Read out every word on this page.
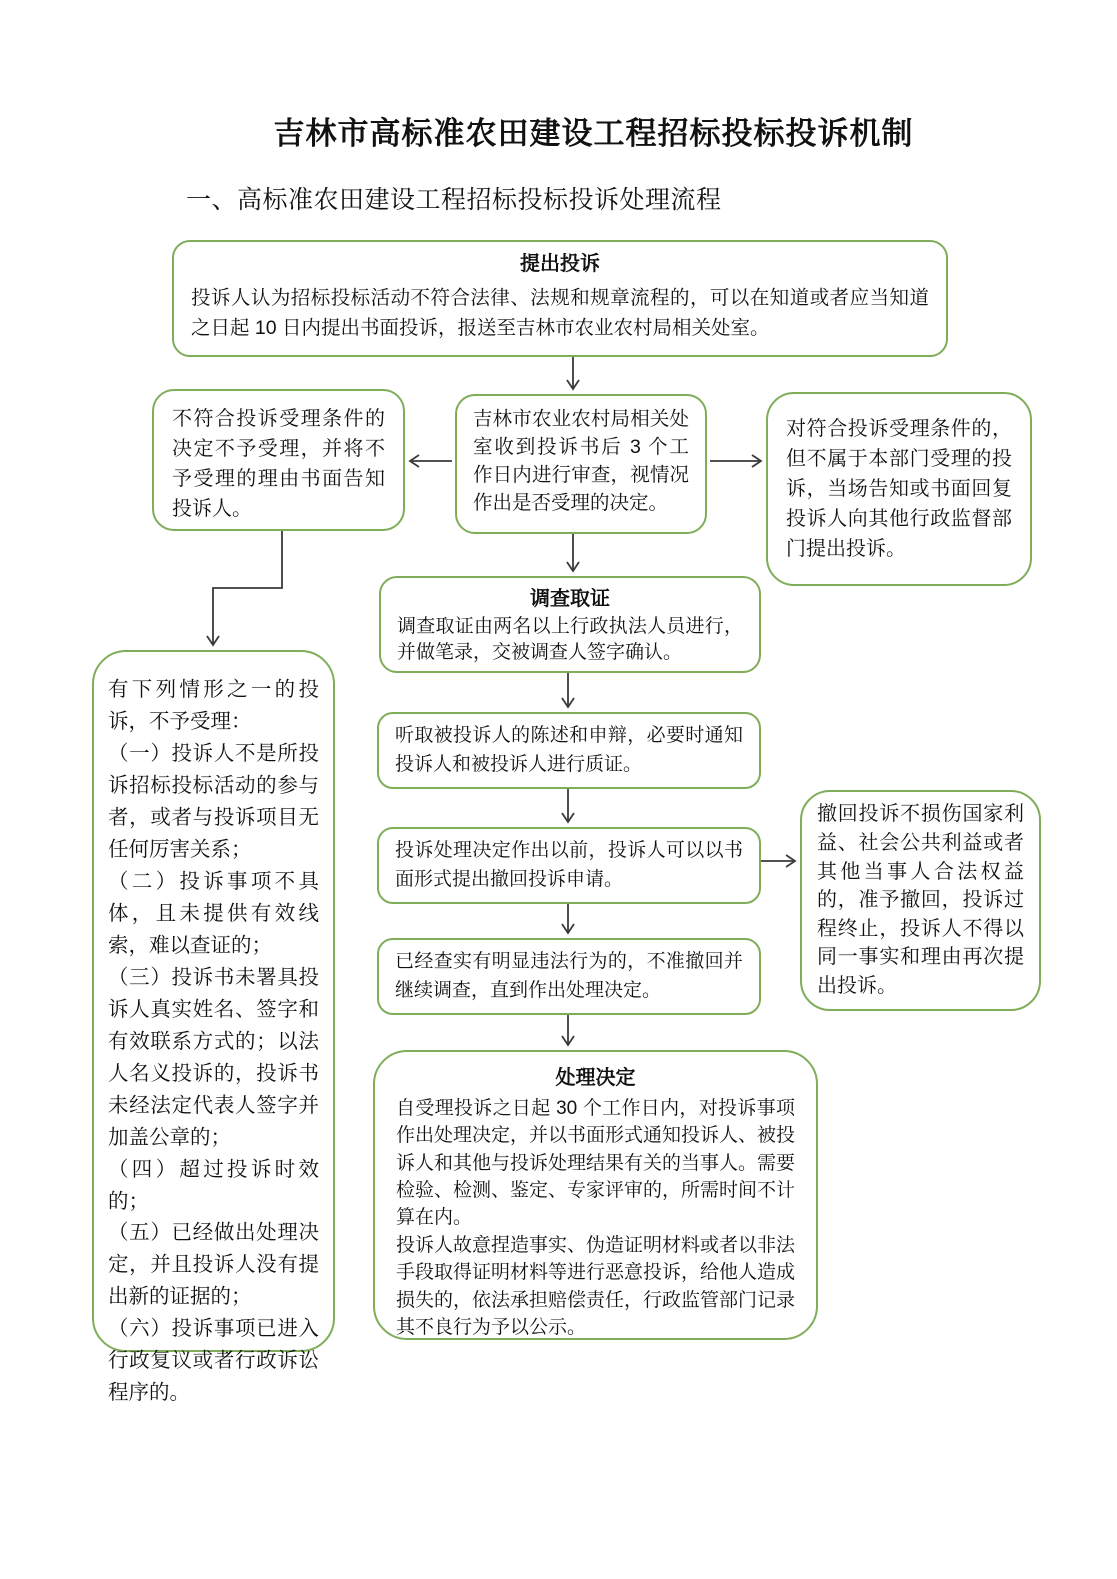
吉林市高标准农田建设工程招标投标投诉机制
一、高标准农田建设工程招标投标投诉处理流程
提出投诉
投诉人认为招标投标活动不符合法律、法规和规章流程的，可以在知道或者应当知道之日起 10 日内提出书面投诉，报送至吉林市农业农村局相关处室。
不符合投诉受理条件的决定不予受理，并将不予受理的理由书面告知投诉人。
吉林市农业农村局相关处室收到投诉书后 3 个工作日内进行审查，视情况作出是否受理的决定。
对符合投诉受理条件的，但不属于本部门受理的投诉，当场告知或书面回复投诉人向其他行政监督部门提出投诉。
调查取证
调查取证由两名以上行政执法人员进行，并做笔录，交被调查人签字确认。
听取被投诉人的陈述和申辩，必要时通知投诉人和被投诉人进行质证。
投诉处理决定作出以前，投诉人可以以书面形式提出撤回投诉申请。
撤回投诉不损伤国家利益、社会公共利益或者其他当事人合法权益的，准予撤回，投诉过程终止，投诉人不得以同一事实和理由再次提出投诉。
已经查实有明显违法行为的，不准撤回并继续调查，直到作出处理决定。
处理决定
自受理投诉之日起 30 个工作日内，对投诉事项作出处理决定，并以书面形式通知投诉人、被投诉人和其他与投诉处理结果有关的当事人。需要检验、检测、鉴定、专家评审的，所需时间不计算在内。
投诉人故意捏造事实、伪造证明材料或者以非法手段取得证明材料等进行恶意投诉，给他人造成损失的，依法承担赔偿责任，行政监管部门记录其不良行为予以公示。
有下列情形之一的投诉，不予受理：
（一）投诉人不是所投诉招标投标活动的参与者，或者与投诉项目无任何厉害关系；
（二）投诉事项不具体，且未提供有效线索，难以查证的；
（三）投诉书未署具投诉人真实姓名、签字和有效联系方式的；以法人名义投诉的，投诉书未经法定代表人签字并加盖公章的；
（四）超过投诉时效的；
（五）已经做出处理决定，并且投诉人没有提出新的证据的；
（六）投诉事项已进入行政复议或者行政诉讼程序的。
